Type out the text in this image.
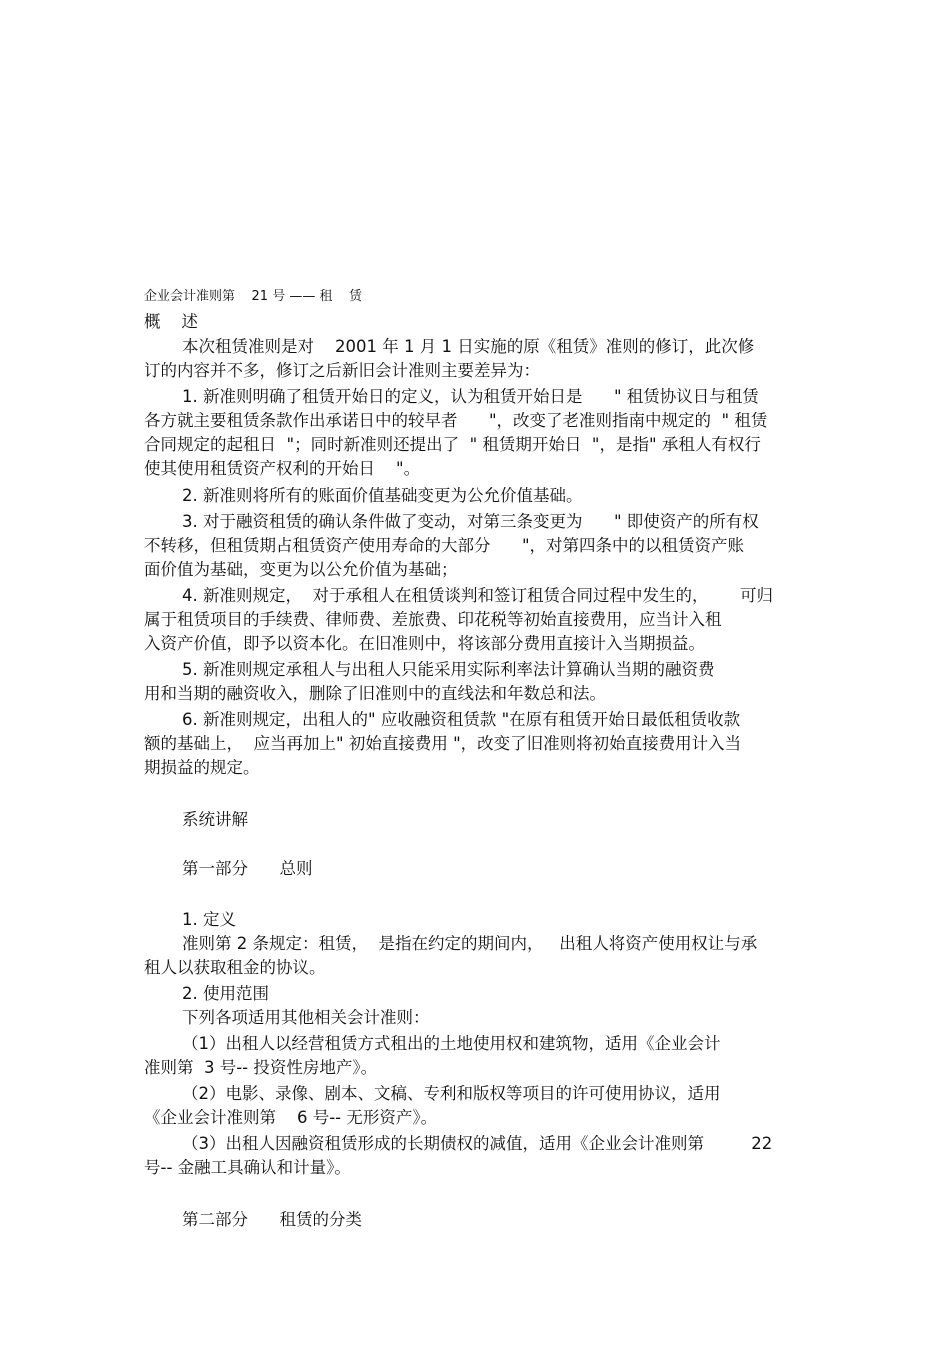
企业会计准则第    21 号 —— 租    赁
概    述
本次租赁准则是对    2001 年 1 月 1 日实施的原《租赁》准则的修订，此次修
订的内容并不多，修订之后新旧会计准则主要差异为：
1. 新准则明确了租赁开始日的定义，认为租赁开始日是      " 租赁协议日与租赁
各方就主要租赁条款作出承诺日中的较早者      "，改变了老准则指南中规定的  " 租赁
合同规定的起租日  "；同时新准则还提出了  " 租赁期开始日  "，是指" 承租人有权行
使其使用租赁资产权利的开始日    "。
2. 新准则将所有的账面价值基础变更为公允价值基础。
3. 对于融资租赁的确认条件做了变动，对第三条变更为      " 即使资产的所有权
不转移，但租赁期占租赁资产使用寿命的大部分      "，对第四条中的以租赁资产账
面价值为基础，变更为以公允价值为基础；
4. 新准则规定，  对于承租人在租赁谈判和签订租赁合同过程中发生的，      可归
属于租赁项目的手续费、律师费、差旅费、印花税等初始直接费用，应当计入租
入资产价值，即予以资本化。在旧准则中，将该部分费用直接计入当期损益。
5. 新准则规定承租人与出租人只能采用实际利率法计算确认当期的融资费
用和当期的融资收入，删除了旧准则中的直线法和年数总和法。
6. 新准则规定，出租人的" 应收融资租赁款 "在原有租赁开始日最低租赁收款
额的基础上，  应当再加上" 初始直接费用 "，改变了旧准则将初始直接费用计入当
期损益的规定。
系统讲解
第一部分      总则
1. 定义
准则第 2 条规定：租赁，  是指在约定的期间内，   出租人将资产使用权让与承
租人以获取租金的协议。
2. 使用范围
下列各项适用其他相关会计准则：
（1）出租人以经营租赁方式租出的土地使用权和建筑物，适用《企业会计
准则第  3 号-- 投资性房地产》。
（2）电影、录像、剧本、文稿、专利和版权等项目的许可使用协议，适用
《企业会计准则第    6 号-- 无形资产》。
（3）出租人因融资租赁形成的长期债权的减值，适用《企业会计准则第         22
号-- 金融工具确认和计量》。
第二部分      租赁的分类
